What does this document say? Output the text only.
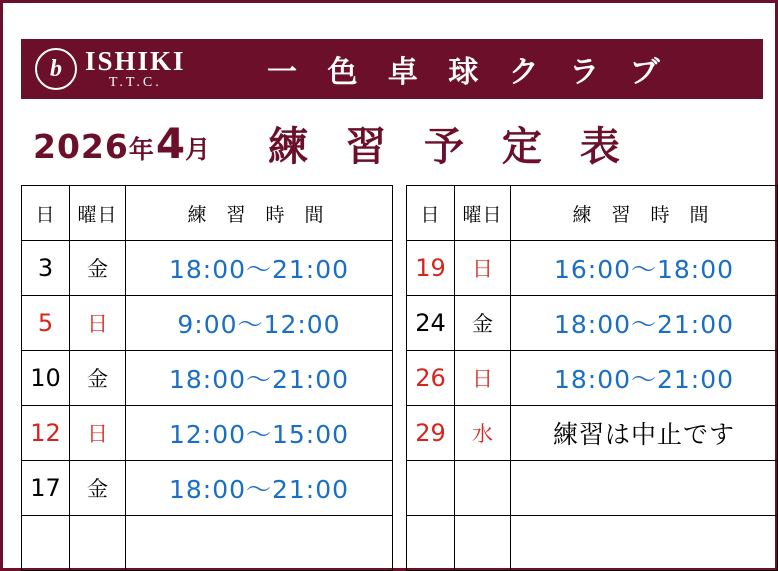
b ISHIKI
T.T.C.	一 色 卓 球 ク ラ ブ
2026 年 4 月 練 習 予 定 表
日	曜日	練 習 時 間		日	曜日	練 習 時 間
3	金	18:00〜21:00		19	日	16:00〜18:00
5	日	9:00〜12:00		24	金	18:00〜21:00
10	金	18:00〜21:00		26	日	18:00〜21:00
12	日	12:00〜15:00		29	水	練習は中止です
17	金	18:00〜21:00				
